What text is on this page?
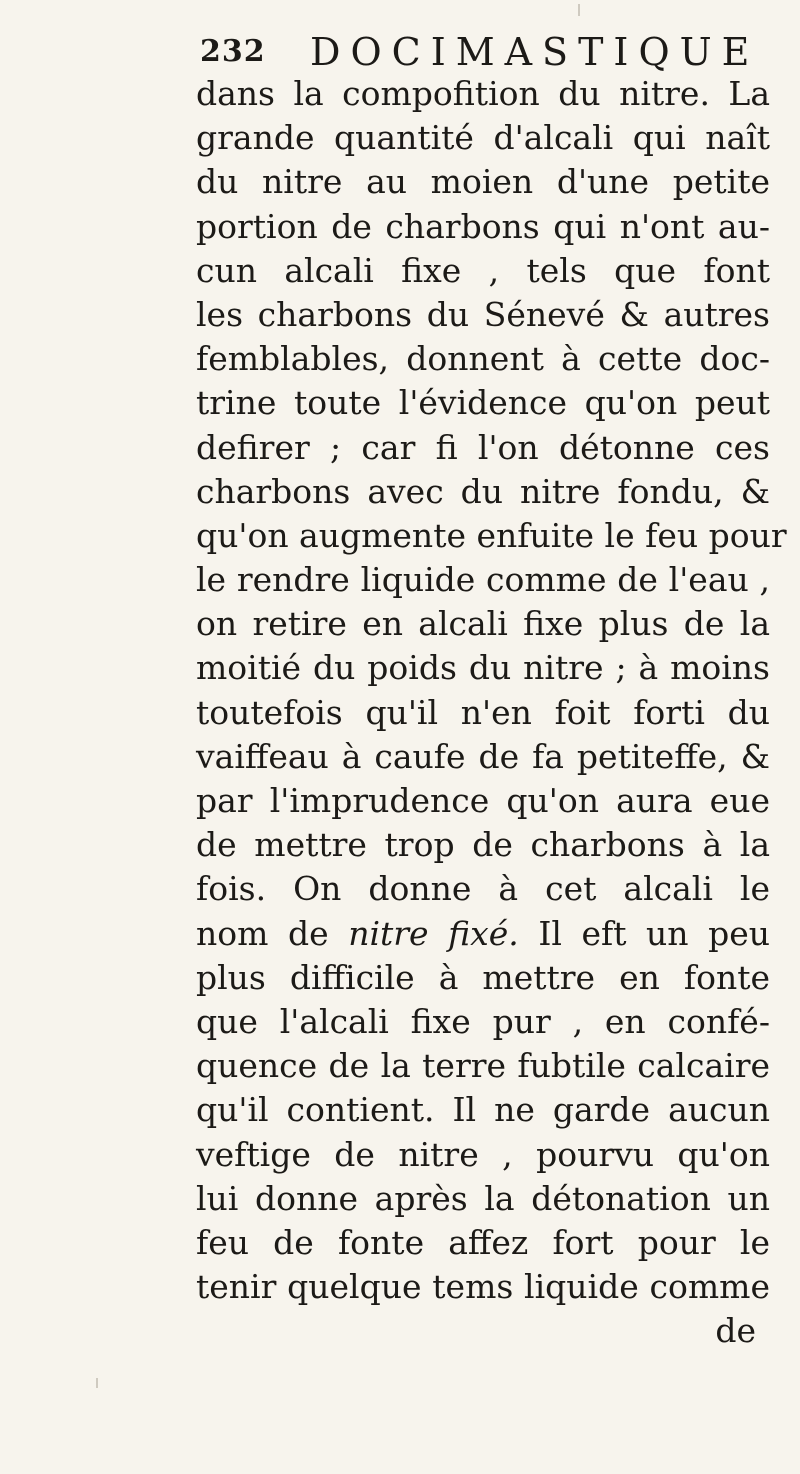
232 DOCIMASTIQUE
dans la compofition du nitre. La
grande quantité d'alcali qui naît
du nitre au moien d'une petite
portion de charbons qui n'ont au-
cun alcali fixe , tels que font
les charbons du Sénevé & autres
femblables, donnent à cette doc-
trine toute l'évidence qu'on peut
defirer ; car fi l'on détonne ces
charbons avec du nitre fondu, &
qu'on augmente enfuite le feu pour
le rendre liquide comme de l'eau ,
on retire en alcali fixe plus de la
moitié du poids du nitre ; à moins
toutefois qu'il n'en foit forti du
vaiffeau à caufe de fa petiteffe, &
par l'imprudence qu'on aura eue
de mettre trop de charbons à la
fois. On donne à cet alcali le
nom de nitre fixé. Il eft un peu
plus difficile à mettre en fonte
que l'alcali fixe pur , en confé-
quence de la terre fubtile calcaire
qu'il contient. Il ne garde aucun
veftige de nitre , pourvu qu'on
lui donne après la détonation un
feu de fonte affez fort pour le
tenir quelque tems liquide comme
de
